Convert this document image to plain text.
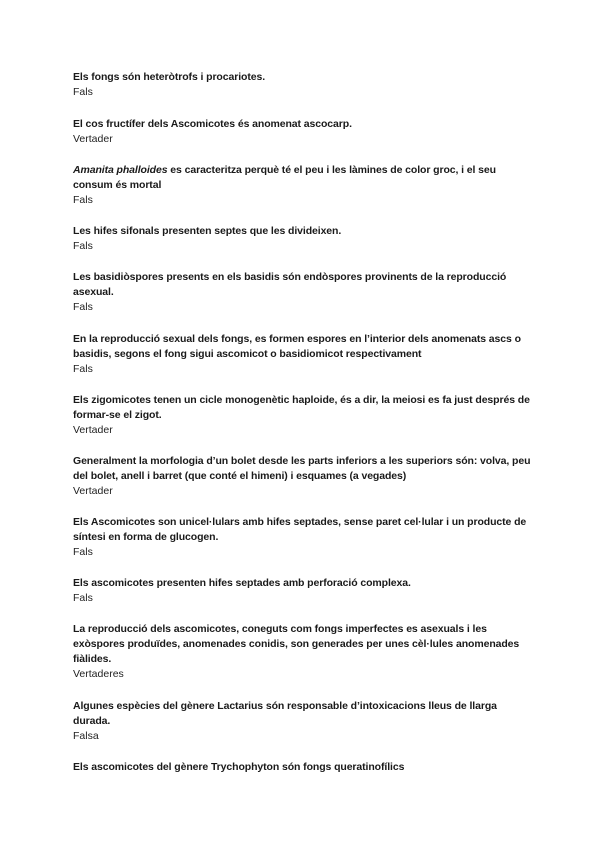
Els fongs són heteròtrofs i procariotes.

Fals

El cos fructífer dels Ascomicotes és anomenat ascocarp.

Vertader

Amanita phalloides es caracteritza perquè té el peu i les làmines de color groc, i el seu consum és mortal

Fals

Les hifes sifonals presenten septes que les divideixen.

Fals

Les basidiòspores presents en els basidis són endòspores provinents de la reproducció asexual.

Fals

En la reproducció sexual dels fongs, es formen espores en l’interior dels anomenats ascs o basidis, segons el fong sigui ascomicot o basidiomicot respectivament

Fals

Els zigomicotes tenen un cicle monogenètic haploide, és a dir, la meiosi es fa just després de formar-se el zigot.

Vertader

Generalment la morfologia d’un bolet desde les parts inferiors a les superiors són: volva, peu del bolet, anell i barret (que conté el himeni) i esquames (a vegades)

Vertader

Els Ascomicotes son unicel·lulars amb hifes septades, sense paret cel·lular i un producte de síntesi en forma de glucogen.

Fals

Els ascomicotes presenten hifes septades amb perforació complexa.

Fals

La reproducció dels ascomicotes, coneguts com fongs imperfectes es asexuals i les exòspores produïdes, anomenades conidis, son generades per unes cèl·lules anomenades fiàlides.

Vertaderes

Algunes espècies del gènere Lactarius són responsable d’intoxicacions lleus de llarga durada.

Falsa

Els ascomicotes del gènere Trychophyton són fongs queratinofílics
